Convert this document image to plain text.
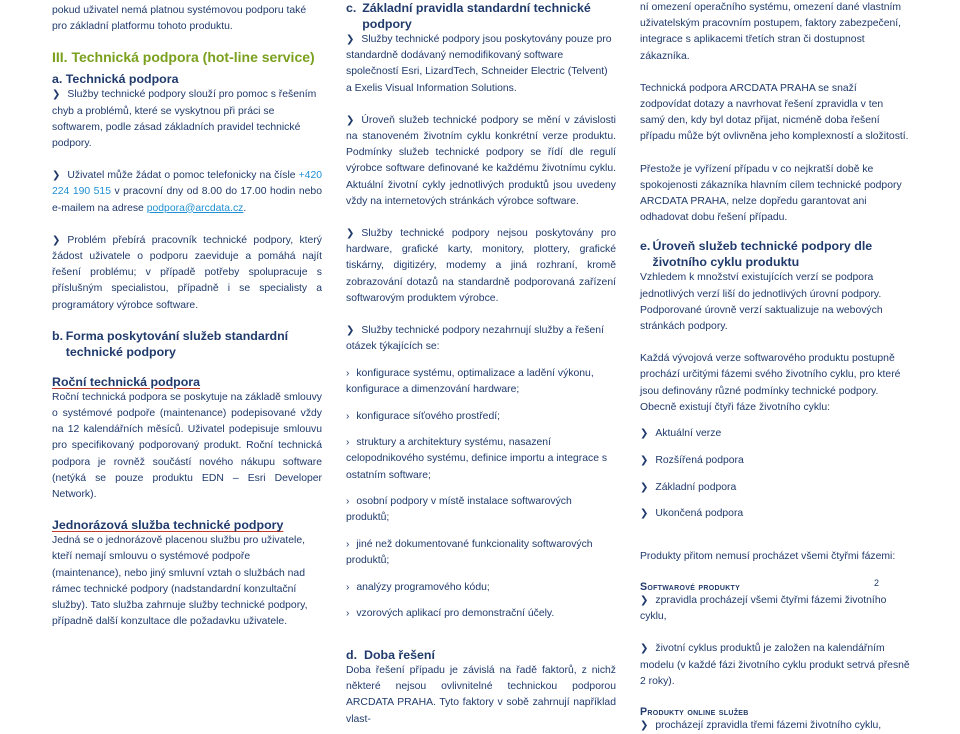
pokud uživatel nemá platnou systémovou podporu také pro základní platformu tohoto produktu.

III. Technická podpora (hot-line service)
a. Technická podpora

❯ Služby technické podpory slouží pro pomoc s řešením chyb a problémů, které se vyskytnou při práci se softwarem, podle zásad základních pravidel technické podpory.

❯ Uživatel může žádat o pomoc telefonicky na čísle +420 224 190 515 v pracovní dny od 8.00 do 17.00 hodin nebo e-mailem na adrese podpora@arcdata.cz.

❯ Problém přebírá pracovník technické podpory, který žádost uživatele o podporu zaeviduje a pomáhá najít řešení problému; v případě potřeby spolupracuje s příslušným specialistou, případně i se specialisty a programátory výrobce software.

b. Forma poskytování služeb standardní technické podpory
Roční technická podpora

Roční technická podpora se poskytuje na základě smlouvy o systémové podpoře (maintenance) podepisované vždy na 12 kalendářních měsíců. Uživatel podepisuje smlouvu pro specifikovaný podporovaný produkt. Roční technická podpora je rovněž součástí nového nákupu software (netýká se pouze produktu EDN – Esri Developer Network).

Jednorázová služba technické podpory

Jedná se o jednorázově placenou službu pro uživatele, kteří nemají smlouvu o systémové podpoře (maintenance), nebo jiný smluvní vztah o službách nad rámec technické podpory (nadstandardní konzultační služby). Tato služba zahrnuje služby technické podpory, případně další konzultace dle požadavku uživatele.

c. Základní pravidla standardní technické podpory

❯ Služby technické podpory jsou poskytovány pouze pro standardně dodávaný nemodifikovaný software společností Esri, LizardTech, Schneider Electric (Telvent) a Exelis Visual Information Solutions.

❯ Úroveň služeb technické podpory se mění v závislosti na stanoveném životním cyklu konkrétní verze produktu. Podmínky služeb technické podpory se řídí dle regulí výrobce software definované ke každému životnímu cyklu. Aktuální životní cykly jednotlivých produktů jsou uvedeny vždy na internetových stránkách výrobce software.

❯ Služby technické podpory nejsou poskytovány pro hardware, grafické karty, monitory, plottery, grafické tiskárny, digitizéry, modemy a jiná rozhraní, kromě zobrazování dotazů na standardně podporovaná zařízení softwarovým produktem výrobce.

❯ Služby technické podpory nezahrnují služby a řešení otázek týkajících se:

› konfigurace systému, optimalizace a ladění výkonu, konfigurace a dimenzování hardware;

› konfigurace síťového prostředí;

› struktury a architektury systému, nasazení celopodnikového systému, definice importu a integrace s ostatním software;

› osobní podpory v místě instalace softwarových produktů;

› jiné než dokumentované funkcionality softwarových produktů;

› analýzy programového kódu;

› vzorových aplikací pro demonstrační účely.

d. Doba řešení

Doba řešení případu je závislá na řadě faktorů, z nichž některé nejsou ovlivnitelné technickou podporou ARCDATA PRAHA. Tyto faktory v sobě zahrnují například vlast-

ní omezení operačního systému, omezení dané vlastním uživatelským pracovním postupem, faktory zabezpečení, integrace s aplikacemi třetích stran či dostupnost zákazníka.

Technická podpora ARCDATA PRAHA se snaží zodpovídat dotazy a navrhovat řešení zpravidla v ten samý den, kdy byl dotaz přijat, nicméně doba řešení případu může být ovlivněna jeho komplexností a složitostí.

Přestože je vyřízení případu v co nejkratší době ke spokojenosti zákazníka hlavním cílem technické podpory ARCDATA PRAHA, nelze dopředu garantovat ani odhadovat dobu řešení případu.

e. Úroveň služeb technické podpory dle životního cyklu produktu

Vzhledem k množství existujících verzí se podpora jednotlivých verzí liší do jednotlivých úrovní podpory. Podporované úrovně verzí saktualizuje na webových stránkách podpory.

Každá vývojová verze softwarového produktu postupně prochází určitými fázemi svého životního cyklu, pro které jsou definovány různé podmínky technické podpory. Obecně existují čtyři fáze životního cyklu:

❯ Aktuální verze

❯ Rozšířená podpora

❯ Základní podpora

❯ Ukončená podpora

Produkty přitom nemusí procházet všemi čtyřmi fázemi:

Softwarové produkty

❯ zpravidla procházejí všemi čtyřmi fázemi životního cyklu,

❯ životní cyklus produktů je založen na kalendářním modelu (v každé fázi životního cyklu produkt setrvá přesně 2 roky).

Produkty online služeb

❯ procházejí zpravidla třemi fázemi životního cyklu,

2
